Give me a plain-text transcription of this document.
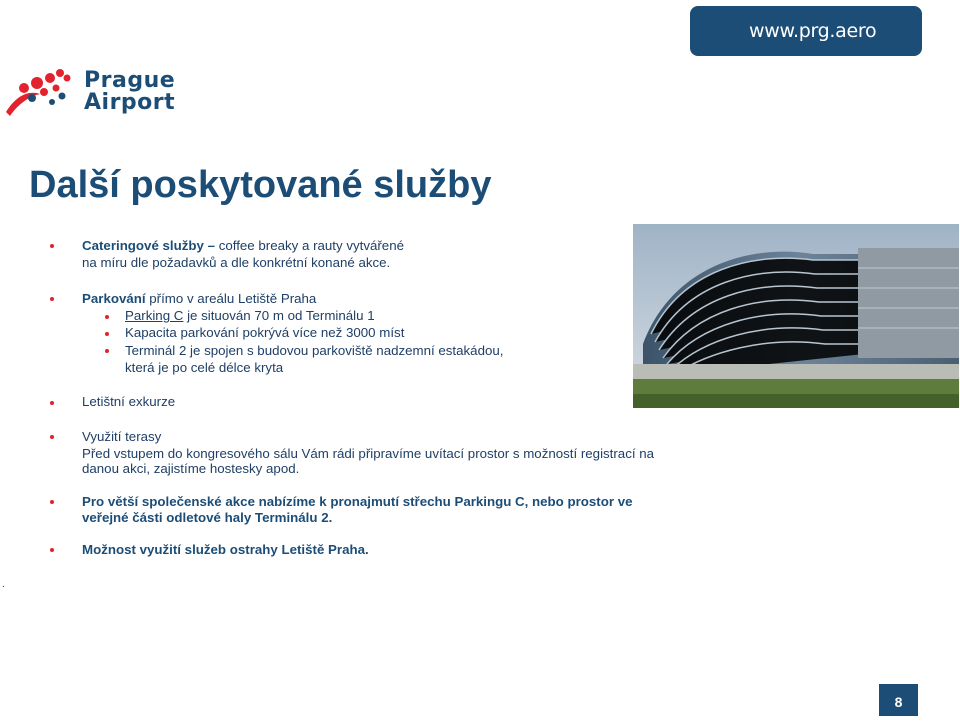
www.prg.aero
Prague
Airport
Další poskytované služby
Cateringové služby – coffee breaky a rauty vytvářené
na míru dle požadavků a dle konkrétní konané akce.
Parkování přímo v areálu Letiště Praha
Parking C je situován 70 m od Terminálu 1
Kapacita parkování pokrývá více než 3000 míst
Terminál 2 je spojen s budovou parkoviště nadzemní estakádou,
která je po celé délce kryta
Letištní exkurze
Využití terasy
Před vstupem do kongresového sálu Vám rádi připravíme uvítací prostor s možností registrací na
danou akci, zajistíme hostesky apod.
Pro větší společenské akce nabízíme k pronajmutí střechu Parkingu C, nebo prostor ve
veřejné části odletové haly Terminálu 2.
Možnost využití služeb ostrahy Letiště Praha.
.
8
